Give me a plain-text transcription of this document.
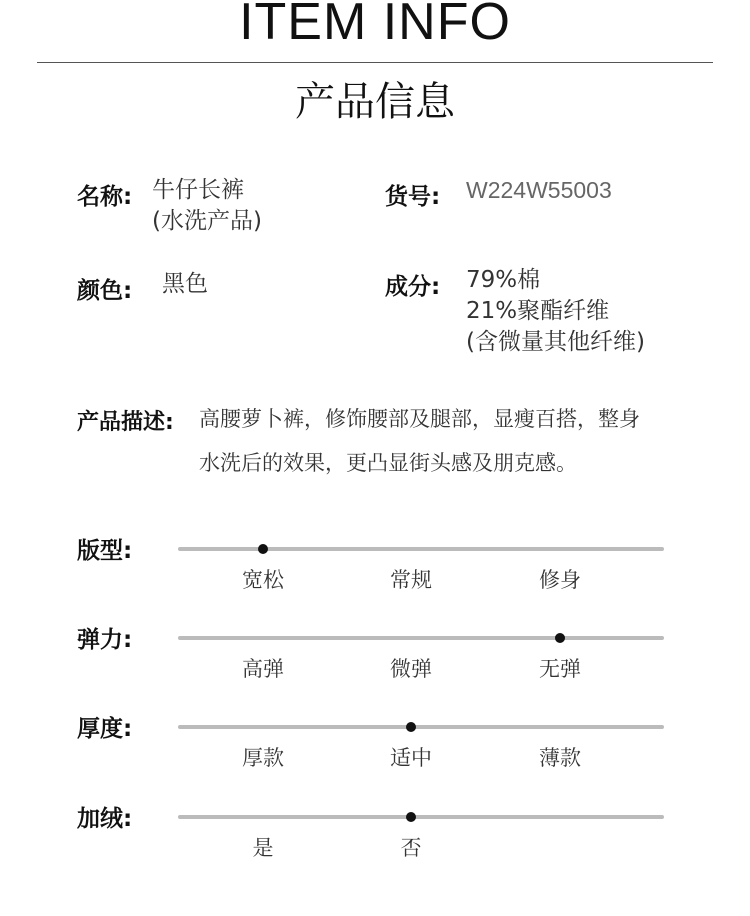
ITEM INFO
产品信息
名称: 牛仔长裤
(水洗产品)
货号: W224W55003
颜色: 黑色	成分: 79%棉
21%聚酯纤维
(含微量其他纤维)
产品描述: 高腰萝卜裤，修饰腰部及腿部，显瘦百搭，整身
水洗后的效果，更凸显街头感及朋克感。
版型:
宽松	常规	修身
弹力:
高弹	微弹	无弹
厚度:
厚款	适中	薄款
加绒:
是	否
